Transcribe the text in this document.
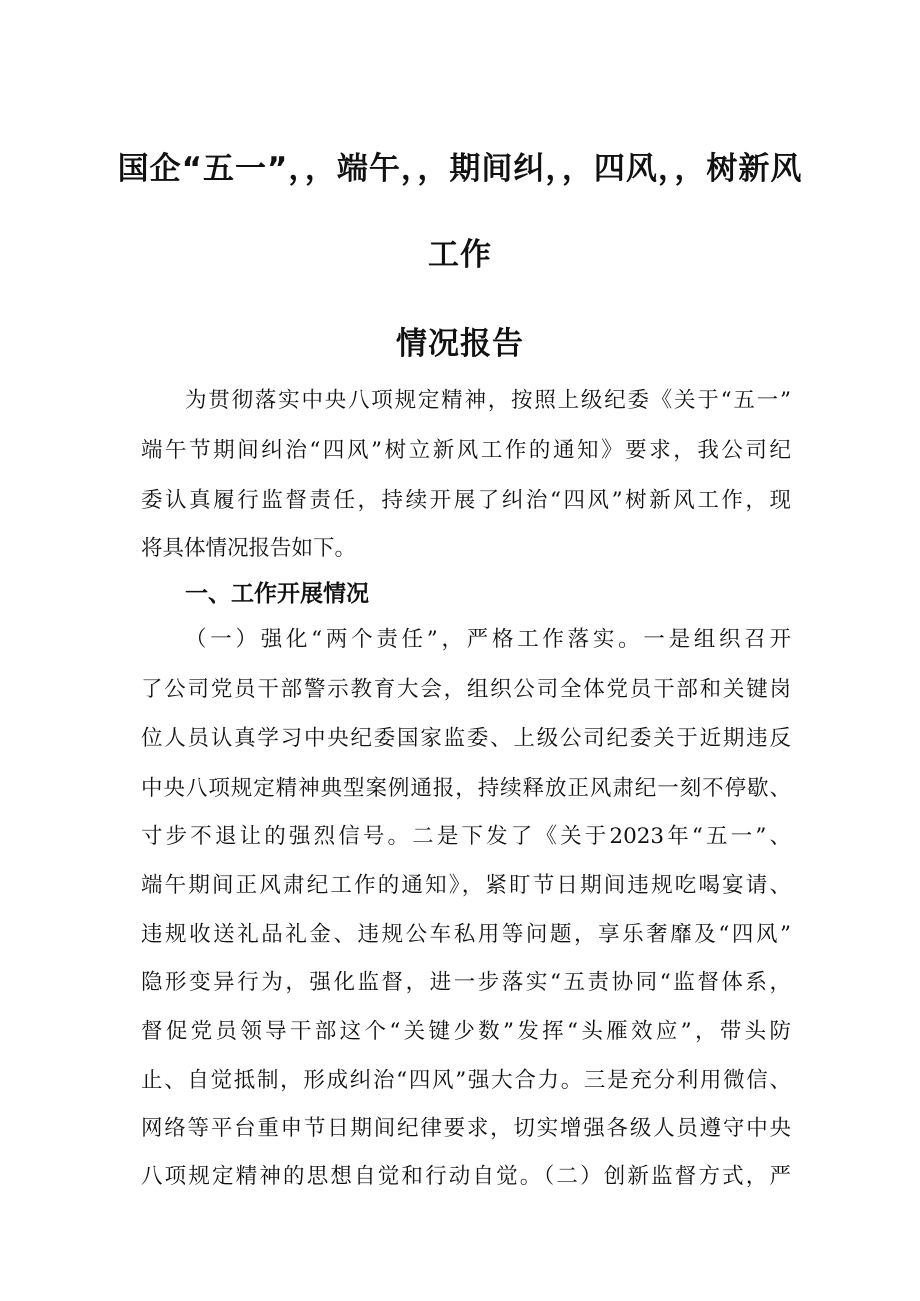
国企“五一”，，端午，，期间纠，，四风，，树新风
工作
情况报告
为贯彻落实中央八项规定精神，按照上级纪委《关于“五一”
端午节期间纠治“四风”树立新风工作的通知》要求，我公司纪
委认真履行监督责任，持续开展了纠治“四风”树新风工作，现
将具体情况报告如下。
一、工作开展情况
（一）强化“两个责任”，严格工作落实。一是组织召开
了公司党员干部警示教育大会，组织公司全体党员干部和关键岗
位人员认真学习中央纪委国家监委、上级公司纪委关于近期违反
中央八项规定精神典型案例通报，持续释放正风肃纪一刻不停歇、
寸步不退让的强烈信号。二是下发了《关于2023年“五一”、
端午期间正风肃纪工作的通知》，紧盯节日期间违规吃喝宴请、
违规收送礼品礼金、违规公车私用等问题，享乐奢靡及“四风”
隐形变异行为，强化监督，进一步落实“五责协同“监督体系，
督促党员领导干部这个“关键少数”发挥“头雁效应”，带头防
止、自觉抵制，形成纠治“四风”强大合力。三是充分利用微信、
网络等平台重申节日期间纪律要求，切实增强各级人员遵守中央
八项规定精神的思想自觉和行动自觉。（二）创新监督方式，严
